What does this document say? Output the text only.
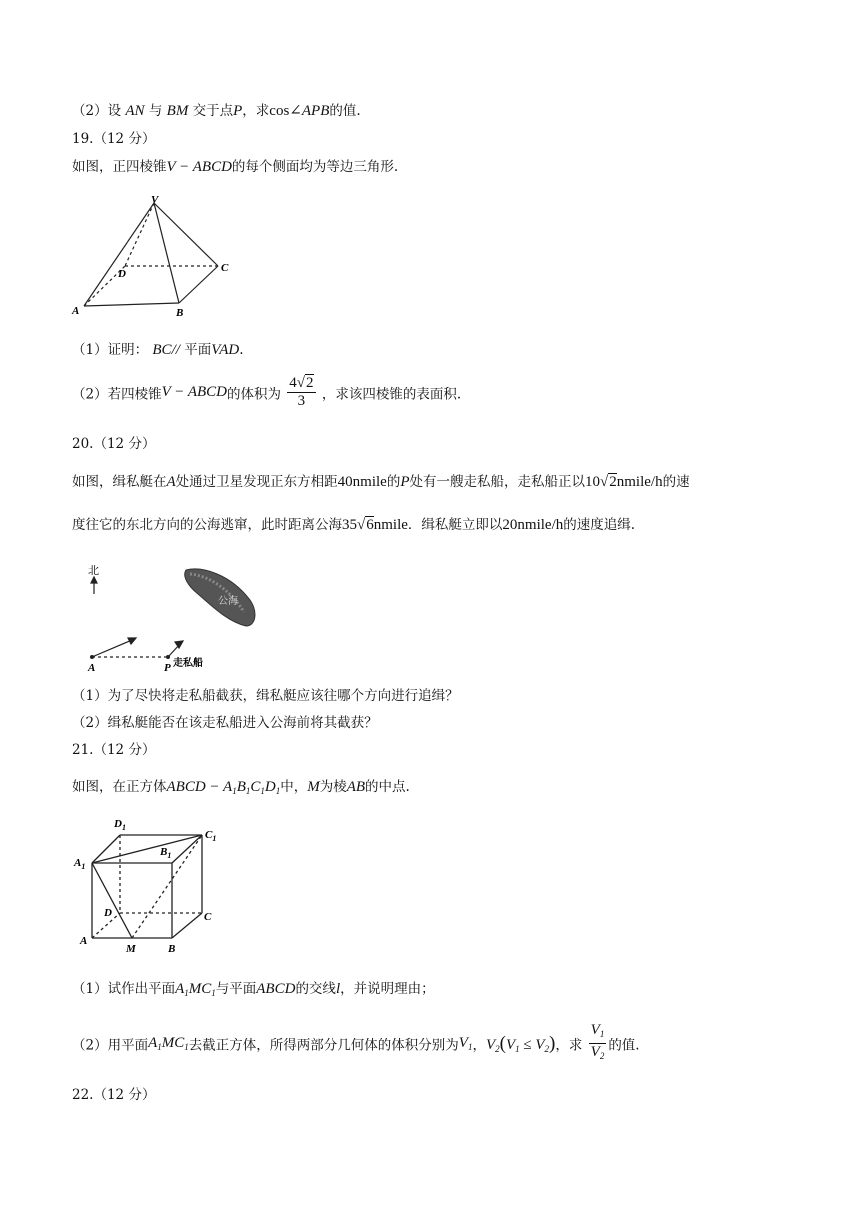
（2）设 AN 与 BM 交于点P，求cos∠APB的值.
19.（12 分）
如图，正四棱锥V − ABCD的每个侧面均为等边三角形.
V
A	B
C
D
（1）证明： BC// 平面VAD.
（2）若四棱锥V − ABCD的体积为 $\frac{4√2}{3}$ ，求该四棱锥的表面积.
20.（12 分）
如图，缉私艇在A处通过卫星发现正东方相距40nmile的P处有一艘走私船，走私船正以10√2nmile/h的速
度往它的东北方向的公海逃窜，此时距离公海35√6nmile．缉私艇立即以20nmile/h的速度追缉.
北
公海
A	P 走私船
（1）为了尽快将走私船截获，缉私艇应该往哪个方向进行追缉？
（2）缉私艇能否在该走私船进入公海前将其截获？
21.（12 分）
如图，在正方体ABCD − $A_1B_1C_1D_1$中，M为棱AB的中点.
$D_1$
$C_1$
$B_1$
$A_1$
D	C
A
M	B
（1）试作出平面$A_1MC_1$与平面ABCD的交线l，并说明理由；
（2）用平面$A_1MC_1$去截正方体，所得两部分几何体的体积分别为$V_1$，$V_2(V_1 \le V_2)$，求 $\frac{V_1}{V_2}$ 的值.
22.（12 分）
